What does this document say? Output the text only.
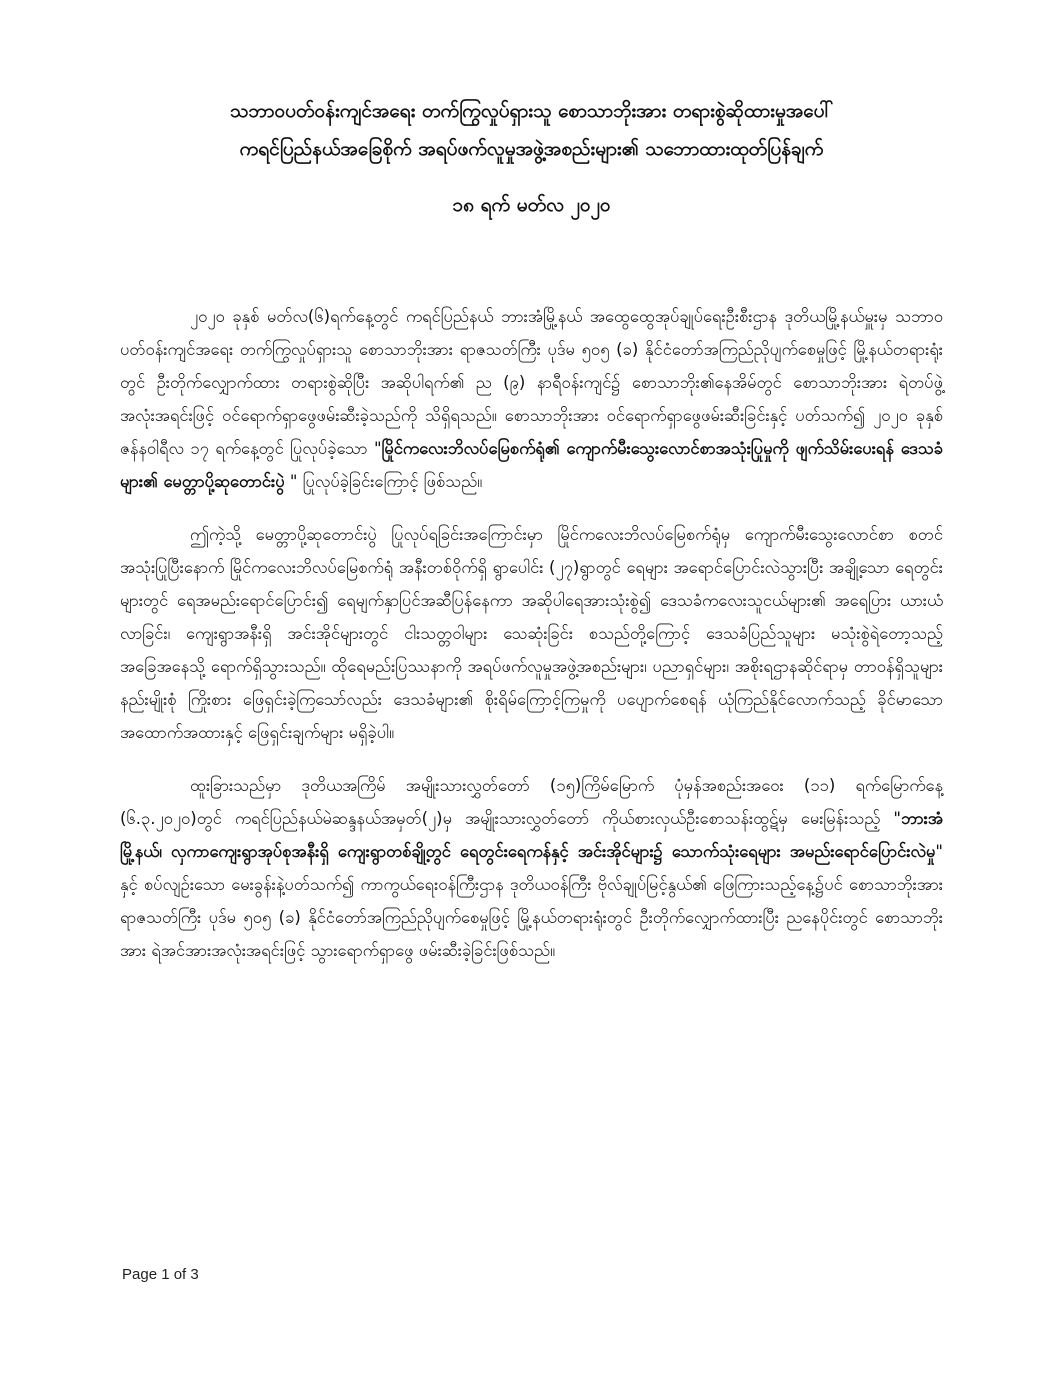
သဘာဝပတ်ဝန်းကျင်အရေး တက်ကြွလှုပ်ရှားသူ စောသာဘိုးအား တရားစွဲဆိုထားမှုအပေါ်
ကရင်ပြည်နယ်အခြေစိုက် အရပ်ဖက်လူမှုအဖွဲ့အစည်းများ၏ သဘောထားထုတ်ပြန်ချက်
၁၈ ရက် မတ်လ ၂၀၂၀

၂၀၂၀ ခုနှစ် မတ်လ(၆)ရက်နေ့တွင် ကရင်ပြည်နယ် ဘားအံမြို့နယ် အထွေထွေအုပ်ချုပ်ရေးဦးစီးဌာန ဒုတိယမြို့နယ်မှူးမှ သဘာဝပတ်ဝန်းကျင်အရေး တက်ကြွလှုပ်ရှားသူ စောသာဘိုးအား ရာဇသတ်ကြီး ပုဒ်မ ၅၀၅ (ခ) နိုင်ငံတော်အကြည်ညိုပျက်စေမှုဖြင့် မြို့နယ်တရားရုံးတွင် ဦးတိုက်လျှောက်ထား တရားစွဲဆိုပြီး အဆိုပါရက်၏ ည (၉) နာရီဝန်းကျင်၌ စောသာဘိုး၏နေအိမ်တွင် စောသာဘိုးအား ရဲတပ်ဖွဲ့အလုံးအရင်းဖြင့် ဝင်ရောက်ရှာဖွေဖမ်းဆီးခဲ့သည်ကို သိရှိရသည်။ စောသာဘိုးအား ဝင်ရောက်ရှာဖွေဖမ်းဆီးခြင်းနှင့် ပတ်သက်၍ ၂၀၂၀ ခုနှစ် ဇန်နဝါရီလ ၁၇ ရက်နေ့တွင် ပြုလုပ်ခဲ့သော "မြိုင်ကလေးဘိလပ်မြေစက်ရုံ၏ ကျောက်မီးသွေးလောင်စာအသုံးပြုမှုကို ဖျက်သိမ်းပေးရန် ဒေသခံများ၏ မေတ္တာပို့ဆုတောင်းပွဲ " ပြုလုပ်ခဲ့ခြင်းကြောင့် ဖြစ်သည်။

ဤကဲ့သို့ မေတ္တာပို့ဆုတောင်းပွဲ ပြုလုပ်ရခြင်းအကြောင်းမှာ မြိုင်ကလေးဘိလပ်မြေစက်ရုံမှ ကျောက်မီးသွေးလောင်စာ စတင်အသုံးပြုပြီးနောက် မြိုင်ကလေးဘိလပ်မြေစက်ရုံ အနီးတစ်ဝိုက်ရှိ ရွာပေါင်း (၂၇)ရွာတွင် ရေများ အရောင်ပြောင်းလဲသွားပြီး အချို့သော ရေတွင်းများတွင် ရေအမည်းရောင်ပြောင်း၍ ရေမျက်နှာပြင်အဆီပြန်နေကာ အဆိုပါရေအားသုံးစွဲ၍ ဒေသခံကလေးသူငယ်များ၏ အရေပြား ယားယံလာခြင်း၊ ကျေးရွာအနီးရှိ အင်းအိုင်များတွင် ငါးသတ္တဝါများ သေဆုံးခြင်း စသည်တို့ကြောင့် ဒေသခံပြည်သူများ မသုံးစွဲရဲတော့သည့် အခြေအနေသို့ ရောက်ရှိသွားသည်။ ထိုရေမည်းပြဿနာကို အရပ်ဖက်လူမှုအဖွဲ့အစည်းများ၊ ပညာရှင်များ၊ အစိုးရဌာနဆိုင်ရာမှ တာဝန်ရှိသူများ နည်းမျိုးစုံ ကြိုးစား ဖြေရှင်းခဲ့ကြသော်လည်း ဒေသခံများ၏ စိုးရိမ်ကြောင့်ကြမှုကို ပပျောက်စေရန် ယုံကြည်နိုင်လောက်သည့် ခိုင်မာသော အထောက်အထားနှင့် ဖြေရှင်းချက်များ မရှိခဲ့ပါ။

ထူးခြားသည်မှာ ဒုတိယအကြိမ် အမျိုးသားလွှတ်တော် (၁၅)ကြိမ်မြောက် ပုံမှန်အစည်းအဝေး (၁၁) ရက်မြောက်နေ့ (၆.၃.၂၀၂၀)တွင် ကရင်ပြည်နယ်မဲဆန္ဒနယ်အမှတ်(၂)မှ အမျိုးသားလွှတ်တော် ကိုယ်စားလှယ်ဦးစောသန်းထွဋ်မှ မေးမြန်းသည့် "ဘားအံမြို့နယ်၊ လှကာကျေးရွာအုပ်စုအနီးရှိ ကျေးရွာတစ်ချို့တွင် ရေတွင်းရေကန်နှင့် အင်းအိုင်များ၌ သောက်သုံးရေများ အမည်းရောင်ပြောင်းလဲမှု" နှင့် စပ်လျဉ်းသော မေးခွန်းနဲ့ပတ်သက်၍ ကာကွယ်ရေးဝန်ကြီးဌာန ဒုတိယဝန်ကြီး ဗိုလ်ချုပ်မြင့်နွယ်၏ ဖြေကြားသည့်နေ့၌ပင် စောသာဘိုးအား ရာဇသတ်ကြီး ပုဒ်မ ၅၀၅ (ခ) နိုင်ငံတော်အကြည်ညိုပျက်စေမှုဖြင့် မြို့နယ်တရားရုံးတွင် ဦးတိုက်လျှောက်ထားပြီး ညနေပိုင်းတွင် စောသာဘိုးအား ရဲအင်အားအလုံးအရင်းဖြင့် သွားရောက်ရှာဖွေ ဖမ်းဆီးခဲ့ခြင်းဖြစ်သည်။

Page 1 of 3
